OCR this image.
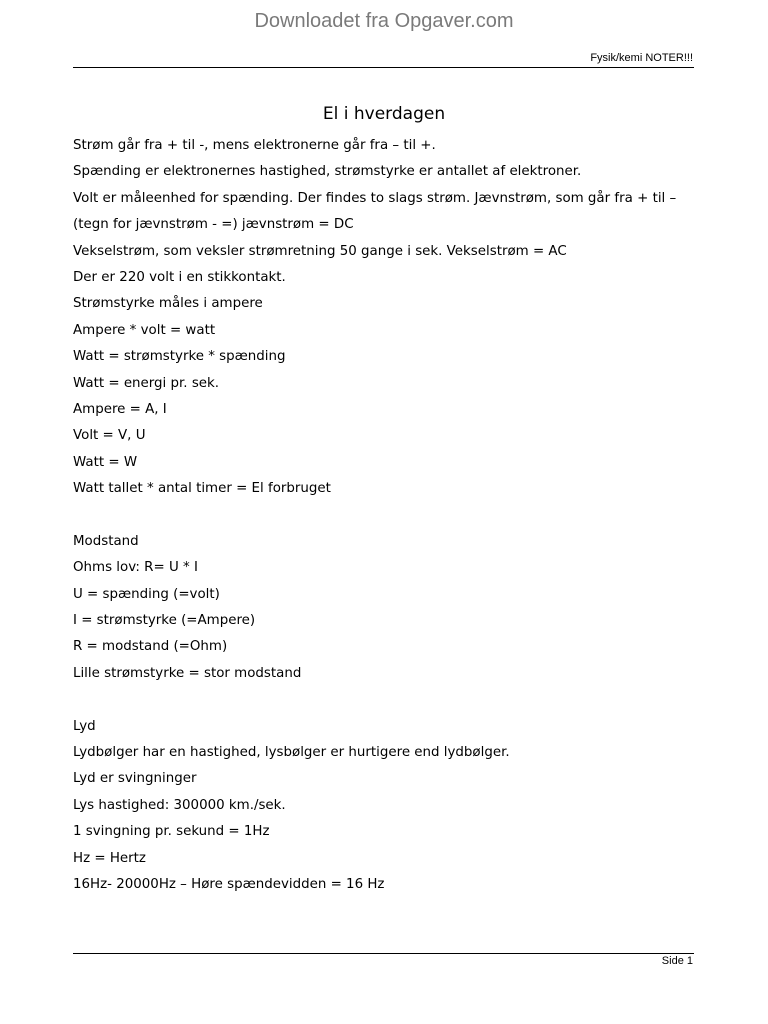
Downloadet fra Opgaver.com
Fysik/kemi NOTER!!!
El i hverdagen
Strøm går fra + til -, mens elektronerne går fra – til +.
Spænding er elektronernes hastighed, strømstyrke er antallet af elektroner.
Volt er måleenhed for spænding. Der findes to slags strøm. Jævnstrøm, som går fra + til –
(tegn for jævnstrøm - =) jævnstrøm = DC
Vekselstrøm, som veksler strømretning 50 gange i sek. Vekselstrøm = AC
Der er 220 volt i en stikkontakt.
Strømstyrke måles i ampere
Ampere * volt = watt
Watt = strømstyrke * spænding
Watt = energi pr. sek.
Ampere = A, I
Volt = V, U
Watt = W
Watt tallet * antal timer = El forbruget
Modstand
Ohms lov: R= U * I
U = spænding (=volt)
I = strømstyrke (=Ampere)
R = modstand (=Ohm)
Lille strømstyrke = stor modstand
Lyd
Lydbølger har en hastighed, lysbølger er hurtigere end lydbølger.
Lyd er svingninger
Lys hastighed: 300000 km./sek.
1 svingning pr. sekund = 1Hz
Hz = Hertz
16Hz- 20000Hz – Høre spændevidden = 16 Hz
Side 1
